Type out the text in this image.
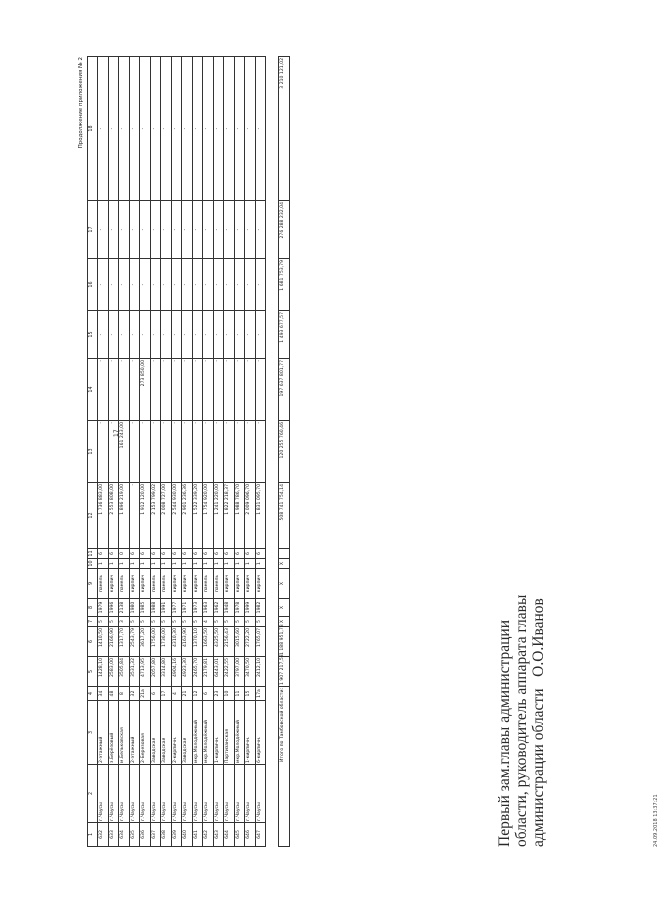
Продолжение приложения № 2
17
1	2	3	4	5	6	7	8	9	10	11	12	13	14	15	16	17	18
632	г.Чаусы	2-этажный	34	1428,10	1410,50	5	1979	панель	1	6	1 736 883,00	-	-	-	-	-	-
633	г.Чаусы	з.Берёзовый	48	2583,00	2166,90	5	1996	кирпич	1	6	2 553 808,00	-	-	-	-	-	-
634	г.Чаусы	м.Бельковская	8	3505,84	1317,70	3	2138	панель	1	0	1 896 219,00	161 243,00	-	-	-	-	-
635	г.Чаусы	2-этажный	32	3531,32	2543,79	5	1980	кирпич	1	6	-	-	-	-	-	-	-
636	г.Чаусы	2-Березовая	21а	4713,95	3617,20	5	1985	кирпич	1	6	1 912 120,00	-	273 850,00	-	-	-	-
637	г.Чаусы	Заводская	6	2057,80	1756,00	5	1988	панель	1	6	2 153 799,02	-	-	-	-	-	-
638	г.Чаусы	Заводская	17	3314,80	1736,00	5	1991	панель	1	6	2 008 727,00	-	-	-	-	-	-
639	г.Чаусы	2-кирпичн.	4	4904,16	4310,30	5	1977	кирпич	1	6	2 544 930,00	-	-	-	-	-	-
640	г.Чаусы	Заводская	21	4923,30	4163,90	5	1971	кирпич	1	6	2 901 236,36	-	-	-	-	-	-
641	г.Чаусы	мкр.Молодёжный	12	2465,70	1370,10	5	1973	кирпич	1	6	1 522 339,20	-	-	-	-	-	-
642	г.Чаусы	мкр.Молодёжный	6	2179,81	1663,50	4	1963	панель	1	6	1 754 920,00	-	-	-	-	-	-
643	г.Чаусы	1-кирпичн.	23	6443,01	4325,50	5	1962	панель	1	6	1 241 220,00	-	-	-	-	-	-
644	г.Чаусы	Партизанская	10	2422,55	2156,43	5	1948	кирпич	1	6	1 822 218,37	-	-	-	-	-	-
645	г.Чаусы	мкр.Молодёжный	11	3797,00	3015,60	5	1978	кирпич	1	6	1 988 786,70	-	-	-	-	-	-
646	г.Чаусы	1-кирпичн.	15	3470,50	2722,20	5	1999	кирпич	1	6	2 009 096,70	-	-	-	-	-	-
647	г.Чаусы	6-кирпичн.	17а	2412,10	1765,07	5	1982	кирпич	1	6	1 831 095,70	-	-	-	-	-	-

Итого по Тамбовской области:				1 907 217,53	1 188 951,78	X	X	X	X		508 741 754,14	120 255 760,46	197 637 801,77	1 493 677,57	1 681 753,79	276 288 232,04	3 210 121,02
Первый зам.главы администрации области, руководитель аппарата главы администрации области   О.О.Иванов
24.09.2018 13:37:21
